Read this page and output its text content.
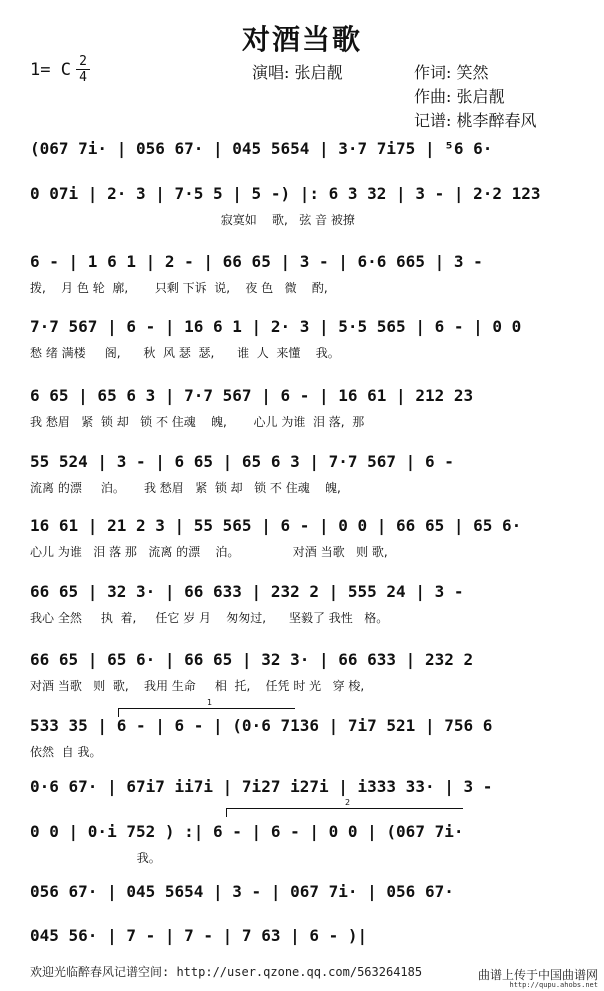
对酒当歌
1= C 2
4	演唱: 张启靓	作词: 笑然
作曲: 张启靓
记谱: 桃李醉春风
(067 7i· | 056 67· | 045 5654 | 3·7 7i75 | ⁵6 6·
0 07i | 2· 3 | 7·5 5 | 5 -) |: 6 3 32 | 3 - | 2·2 123
寂寞如    歌,   弦 音 被撩
6 - | 1 6 1 | 2 - | 66 65 | 3 - | 6·6 665 | 3 -
拨,    月 色 轮  廓,       只剩 下诉  说,    夜 色   微    酌,
7·7 567 | 6 - | 16 6 1 | 2· 3 | 5·5 565 | 6 - | 0 0
愁 绪 满楼     阁,      秋  风 瑟  瑟,      谁  人  来懂    我。
6 65 | 65 6 3 | 7·7 567 | 6 - | 16 61 | 212 23
我 愁眉   紧  锁 却   锁 不 住魂    魄,       心儿 为谁  泪 落,  那
55 524 | 3 - | 6 65 | 65 6 3 | 7·7 567 | 6 -
流离 的漂     泊。     我 愁眉   紧  锁 却   锁 不 住魂    魄,
16 61 | 21 2 3 | 55 565 | 6 - | 0 0 | 66 65 | 65 6·
心儿 为谁   泪 落 那   流离 的漂    泊。              对酒 当歌   则 歌,
66 65 | 32 3· | 66 633 | 232 2 | 555 24 | 3 -
我心 全然     执  着,     任它 岁 月    匆匆过,      坚毅了 我性   格。
66 65 | 65 6· | 66 65 | 32 3· | 66 633 | 232 2
对酒 当歌   则  歌,    我用 生命     相  托,    任凭 时 光   穿 梭,
1
533 35 | 6 - | 6 - | (0·6 7136 | 7i7 521 | 756 6
依然  自 我。
0·6 67· | 67i7 ii7i | 7i27 i27i | i333 33· | 3 -
2
0 0 | 0·i 752 ) :| 6 - | 6 - | 0 0 | (067 7i·
我。
056 67· | 045 5654 | 3 - | 067 7i· | 056 67·
045 56· | 7 - | 7 - | 7 63 | 6 - )|
欢迎光临醉春风记谱空间: http://user.qzone.qq.com/563264185	曲谱上传于中国曲谱网
http://qupu.ahobs.net
